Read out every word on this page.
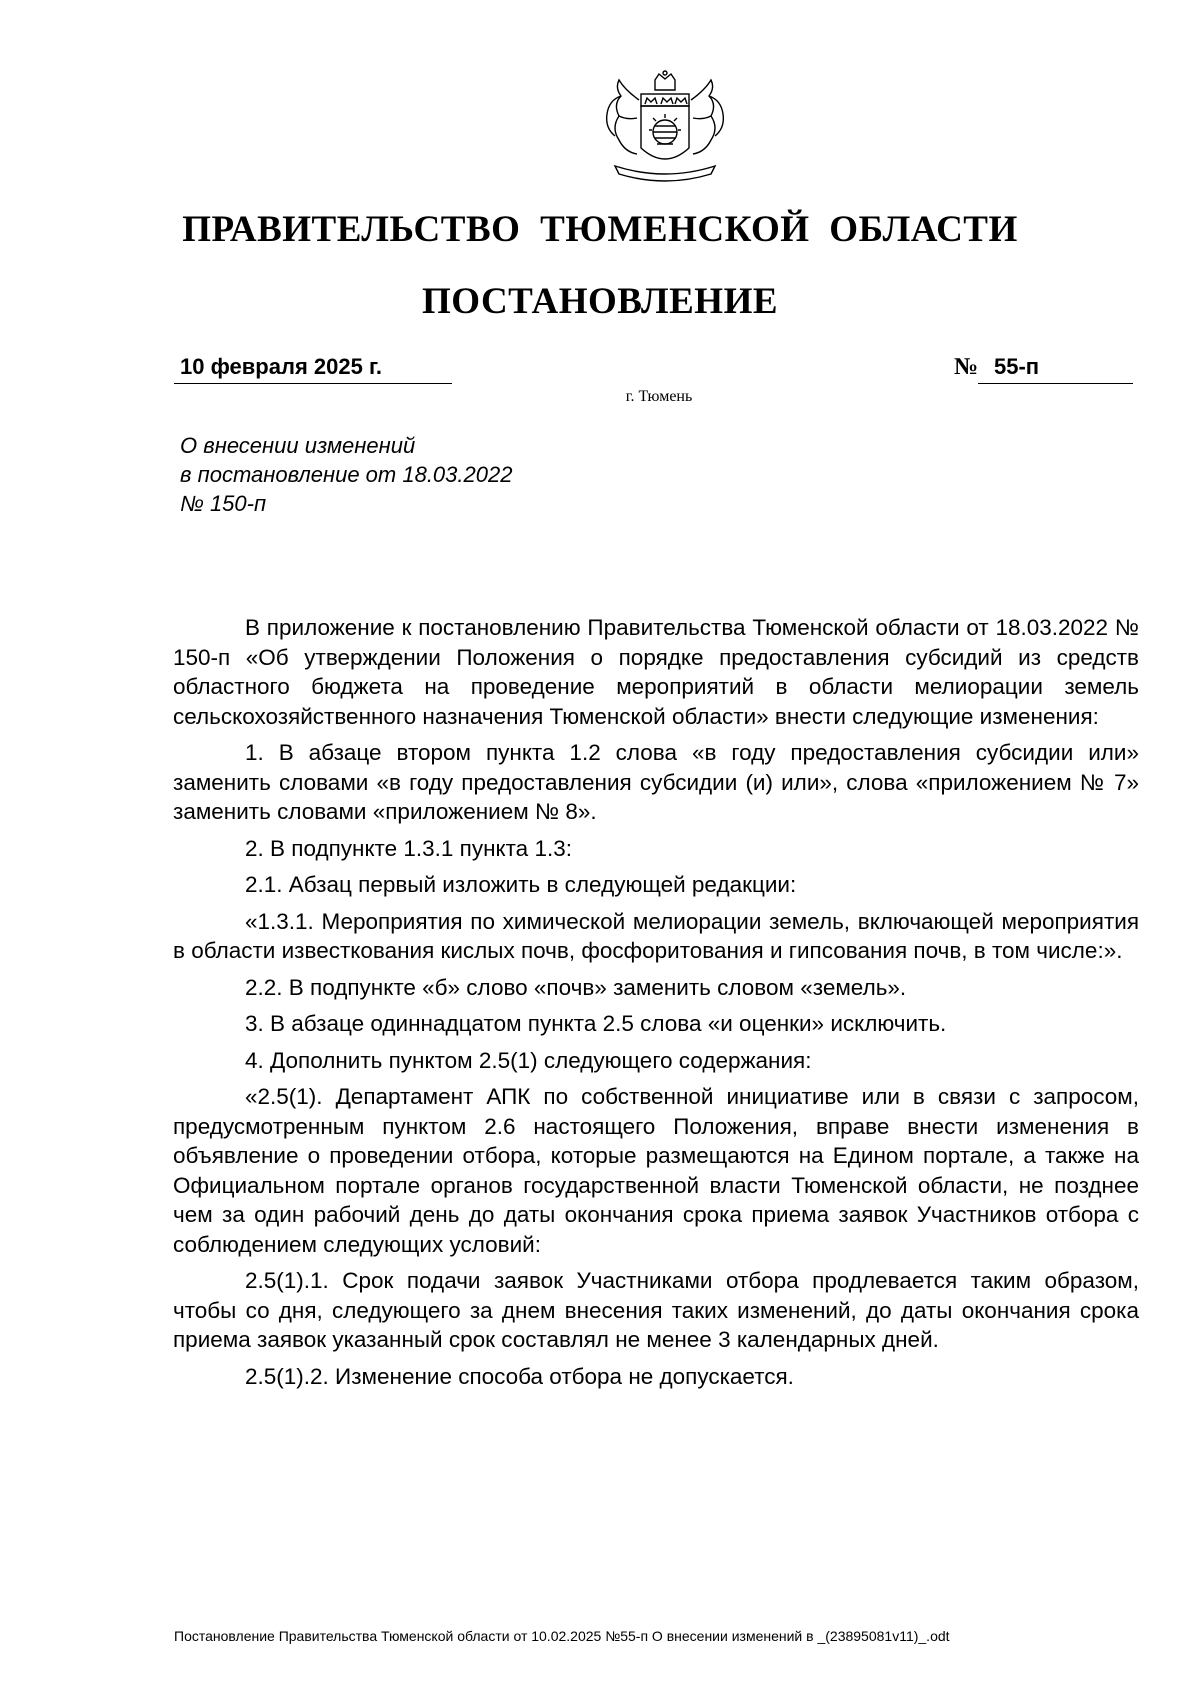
ПРАВИТЕЛЬСТВО ТЮМЕНСКОЙ ОБЛАСТИ
ПОСТАНОВЛЕНИЕ
10 февраля 2025 г.	№ 55-п
г. Тюмень
О внесении изменений
в постановление от 18.03.2022
№ 150-п

В приложение к постановлению Правительства Тюменской области от 18.03.2022 № 150-п «Об утверждении Положения о порядке предоставления субсидий из средств областного бюджета на проведение мероприятий в области мелиорации земель сельскохозяйственного назначения Тюменской области» внести следующие изменения:

1. В абзаце втором пункта 1.2 слова «в году предоставления субсидии или» заменить словами «в году предоставления субсидии (и) или», слова «приложением № 7» заменить словами «приложением № 8».

2. В подпункте 1.3.1 пункта 1.3:

2.1. Абзац первый изложить в следующей редакции:

«1.3.1. Мероприятия по химической мелиорации земель, включающей мероприятия в области известкования кислых почв, фосфоритования и гипсования почв, в том числе:».

2.2. В подпункте «б» слово «почв» заменить словом «земель».

3. В абзаце одиннадцатом пункта 2.5 слова «и оценки» исключить.

4. Дополнить пунктом 2.5(1) следующего содержания:

«2.5(1). Департамент АПК по собственной инициативе или в связи с запросом, предусмотренным пунктом 2.6 настоящего Положения, вправе внести изменения в объявление о проведении отбора, которые размещаются на Едином портале, а также на Официальном портале органов государственной власти Тюменской области, не позднее чем за один рабочий день до даты окончания срока приема заявок Участников отбора с соблюдением следующих условий:

2.5(1).1. Срок подачи заявок Участниками отбора продлевается таким образом, чтобы со дня, следующего за днем внесения таких изменений, до даты окончания срока приема заявок указанный срок составлял не менее 3 календарных дней.

2.5(1).2. Изменение способа отбора не допускается.

Постановление Правительства Тюменской области от 10.02.2025 №55-п О внесении изменений в _(23895081v11)_.odt
